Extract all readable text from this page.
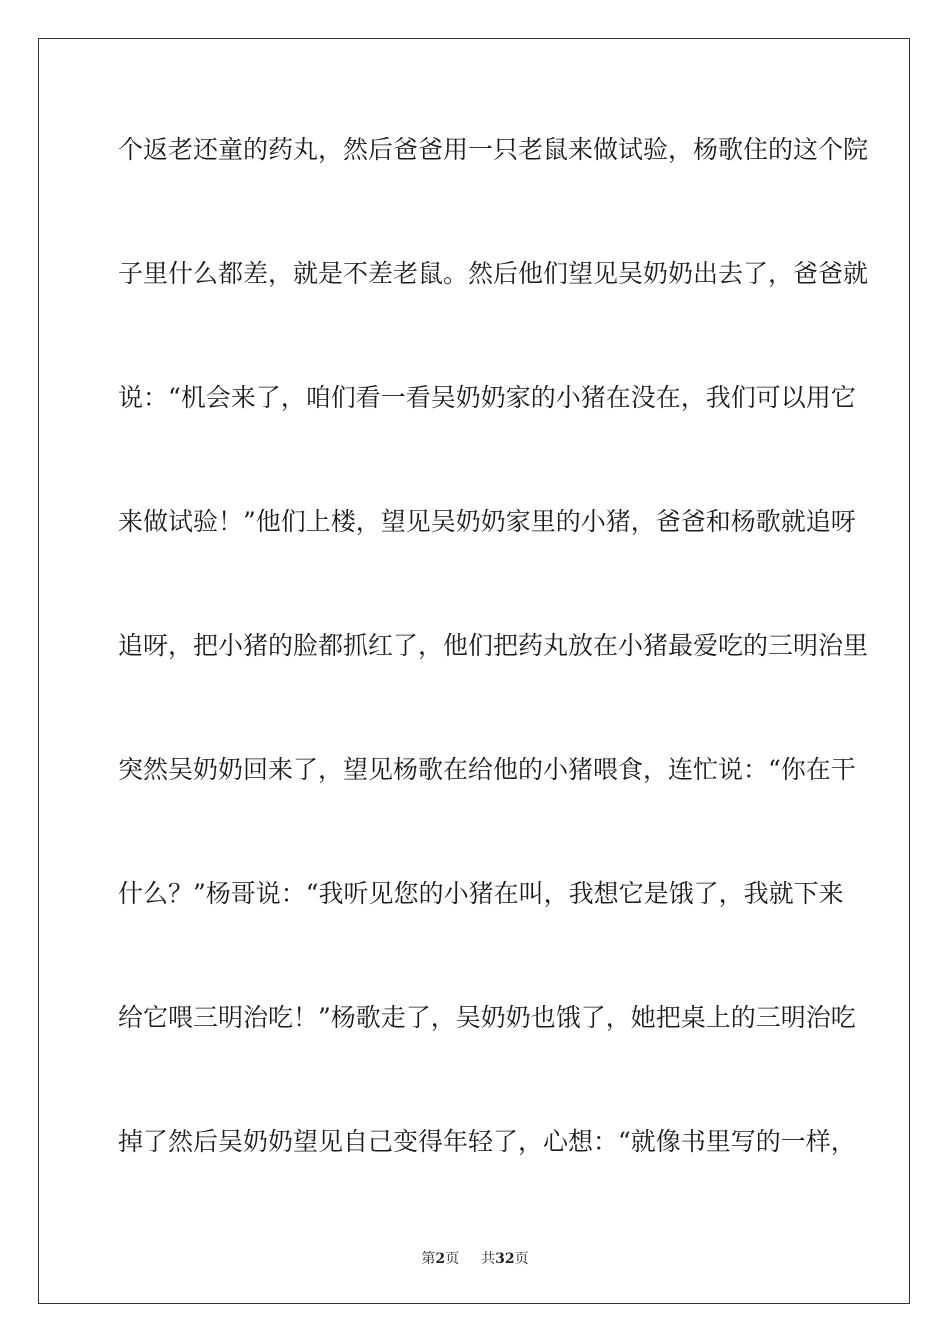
个返老还童的药丸，然后爸爸用一只老鼠来做试验，杨歌住的这个院
子里什么都差，就是不差老鼠。然后他们望见吴奶奶出去了，爸爸就
说：“机会来了，咱们看一看吴奶奶家的小猪在没在，我们可以用它
来做试验！”他们上楼，望见吴奶奶家里的小猪，爸爸和杨歌就追呀
追呀，把小猪的脸都抓红了，他们把药丸放在小猪最爱吃的三明治里
突然吴奶奶回来了，望见杨歌在给他的小猪喂食，连忙说：“你在干
什么？”杨哥说：“我听见您的小猪在叫，我想它是饿了，我就下来
给它喂三明治吃！”杨歌走了，吴奶奶也饿了，她把桌上的三明治吃
掉了然后吴奶奶望见自己变得年轻了，心想：“就像书里写的一样，
第2页 共32页
